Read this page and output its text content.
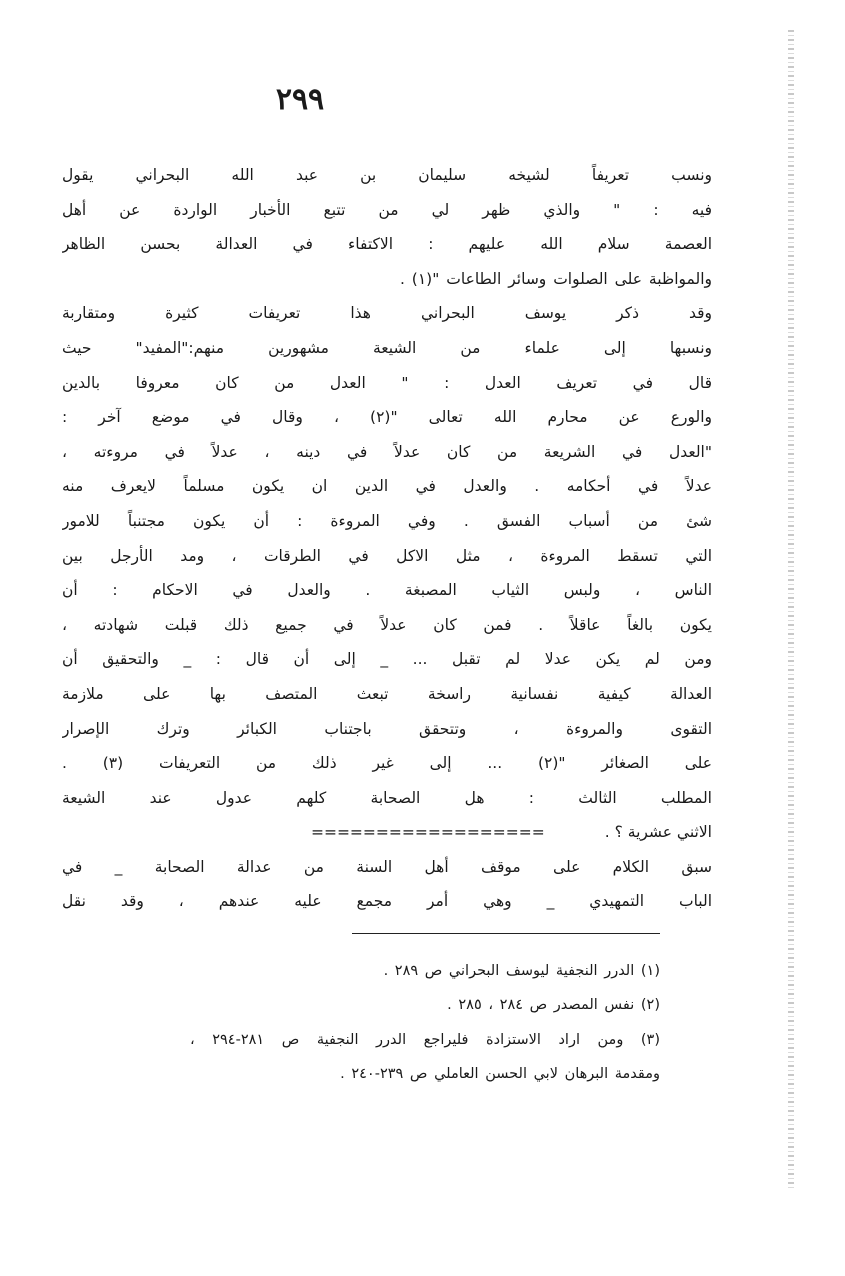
٢٩٩
ونسب تعريفاً لشيخه سليمان بن عبد الله البحراني يقول
فيه : " والذي ظهر لي من تتبع الأخبار الواردة عن أهل
العصمة سلام الله عليهم : الاكتفاء في العدالة بحسن الظاهر
والمواظبة على الصلوات وسائر الطاعات "(١) .
وقد ذكر يوسف البحراني هذا تعريفات كثيرة ومتقاربة
ونسبها إلى علماء من الشيعة مشهورين منهم:"المفيد" حيث
قال في تعريف العدل : " العدل من كان معروفا بالدين
والورع عن محارم الله تعالى "(٢) ، وقال في موضع آخر :
"العدل في الشريعة من كان عدلاً في دينه ، عدلاً في مروءته ،
عدلاً في أحكامه . والعدل في الدين ان يكون مسلماً لايعرف منه
شئ من أسباب الفسق . وفي المروءة : أن يكون مجتنباً للامور
التي تسقط المروءة ، مثل الاكل في الطرقات ، ومد الأرجل بين
الناس ، ولبس الثياب المصبغة . والعدل في الاحكام : أن
يكون بالغاً عاقلاً . فمن كان عدلاً في جميع ذلك قبلت شهادته ،
ومن لم يكن عدلا لم تقبل ... _ إلى أن قال : _ والتحقيق أن
العدالة كيفية نفسانية راسخة تبعث المتصف بها على ملازمة
التقوى والمروءة ، وتتحقق باجتناب الكبائر وترك الإصرار
على الصغائر "(٢) ... إلى غير ذلك من التعريفات (٣) .
المطلب الثالث : هل الصحابة كلهم عدول عند الشيعة
==================	الاثني عشرية ؟ .
سبق الكلام على موقف أهل السنة من عدالة الصحابة _ في
الباب التمهيدي _ وهي أمر مجمع عليه عندهم ، وقد نقل
(١) الدرر النجفية ليوسف البحراني ص ٢٨٩ .
(٢) نفس المصدر ص ٢٨٤ ، ٢٨٥ .
(٣) ومن اراد الاستزادة فليراجع الدرر النجفية ص ٢٨١-٢٩٤ ،
ومقدمة البرهان لابي الحسن العاملي ص ٢٣٩-٢٤٠ .
